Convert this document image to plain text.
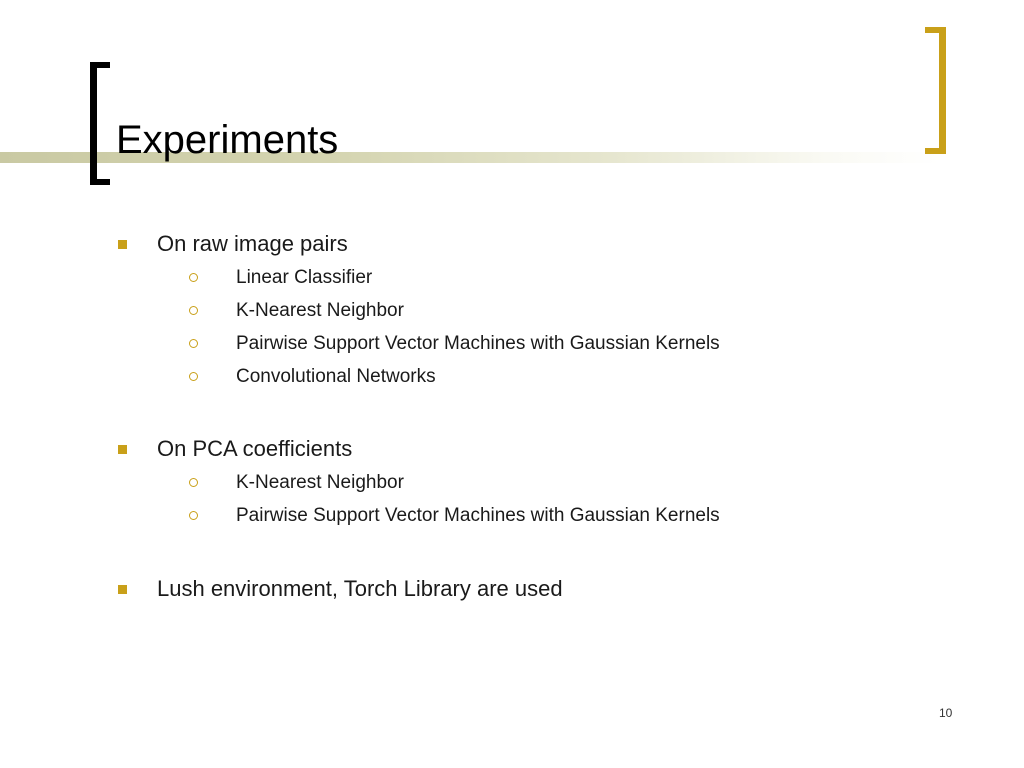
Experiments
On raw image pairs
Linear Classifier
K-Nearest Neighbor
Pairwise Support Vector Machines with Gaussian Kernels
Convolutional Networks
On PCA coefficients
K-Nearest Neighbor
Pairwise Support Vector Machines with Gaussian Kernels
Lush environment, Torch Library are used
10
